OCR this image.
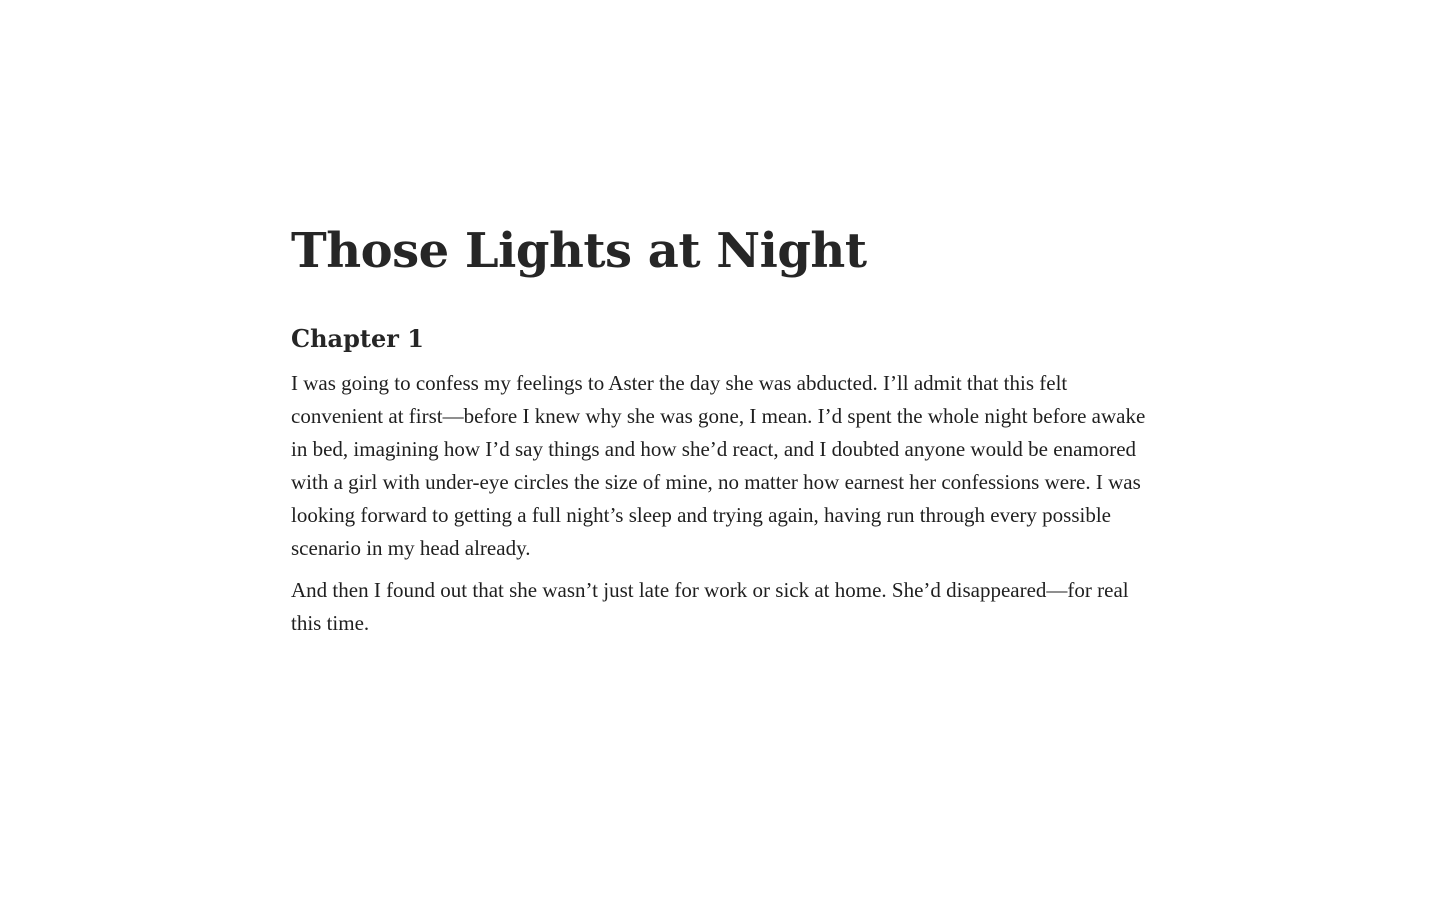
Those Lights at Night
Chapter 1

I was going to confess my feelings to Aster the day she was abducted. I’ll admit that this felt convenient at first—before I knew why she was gone, I mean. I’d spent the whole night before awake in bed, imagining how I’d say things and how she’d react, and I doubted anyone would be enamored with a girl with under-eye circles the size of mine, no matter how earnest her confessions were. I was looking forward to getting a full night’s sleep and trying again, having run through every possible scenario in my head already.

And then I found out that she wasn’t just late for work or sick at home. She’d disappeared—for real this time.
